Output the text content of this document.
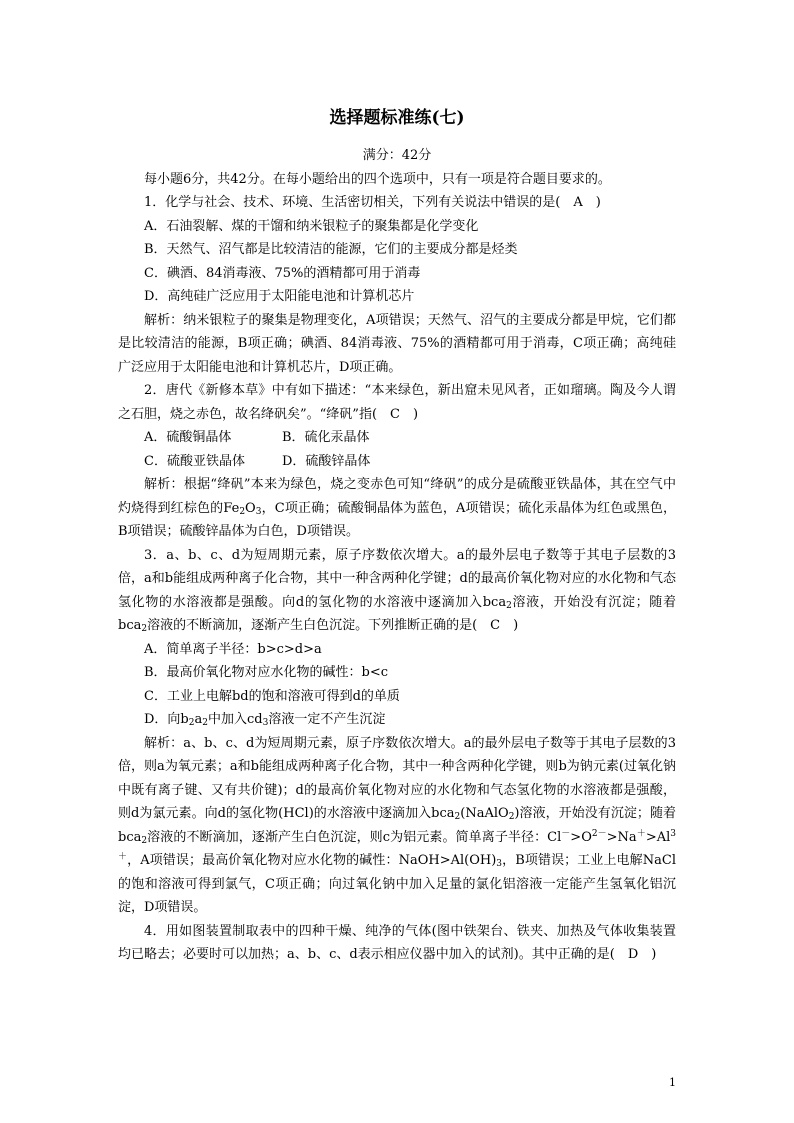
选择题标准练(七)

满分：42分

每小题6分，共42分。在每小题给出的四个选项中，只有一项是符合题目要求的。

1．化学与社会、技术、环境、生活密切相关，下列有关说法中错误的是(　A　)

A．石油裂解、煤的干馏和纳米银粒子的聚集都是化学变化

B．天然气、沼气都是比较清洁的能源，它们的主要成分都是烃类

C．碘酒、84消毒液、75%的酒精都可用于消毒

D．高纯硅广泛应用于太阳能电池和计算机芯片

解析：纳米银粒子的聚集是物理变化，A项错误；天然气、沼气的主要成分都是甲烷，它们都是比较清洁的能源，B项正确；碘酒、84消毒液、75%的酒精都可用于消毒，C项正确；高纯硅广泛应用于太阳能电池和计算机芯片，D项正确。

2．唐代《新修本草》中有如下描述：“本来绿色，新出窟未见风者，正如瑠璃。陶及今人谓之石胆，烧之赤色，故名绛矾矣”。“绛矾”指(　C　)

A．硫酸铜晶体	B．硫化汞晶体
C．硫酸亚铁晶体	D．硫酸锌晶体

解析：根据“绛矾”本来为绿色，烧之变赤色可知“绛矾”的成分是硫酸亚铁晶体，其在空气中灼烧得到红棕色的$Fe_2O_3$，C项正确；硫酸铜晶体为蓝色，A项错误；硫化汞晶体为红色或黑色，B项错误；硫酸锌晶体为白色，D项错误。

3．a、b、c、d为短周期元素，原子序数依次增大。a的最外层电子数等于其电子层数的3倍，a和b能组成两种离子化合物，其中一种含两种化学键；d的最高价氧化物对应的水化物和气态氢化物的水溶液都是强酸。向d的氢化物的水溶液中逐滴加入bca$_2$溶液，开始没有沉淀；随着bca$_2$溶液的不断滴加，逐渐产生白色沉淀。下列推断正确的是(　C　)

A．简单离子半径：b>c>d>a

B．最高价氧化物对应水化物的碱性：b<c

C．工业上电解bd的饱和溶液可得到d的单质

D．向$b_2a_2$中加入$cd_3$溶液一定不产生沉淀

解析：a、b、c、d为短周期元素，原子序数依次增大。a的最外层电子数等于其电子层数的3倍，则a为氧元素；a和b能组成两种离子化合物，其中一种含两种化学键，则b为钠元素(过氧化钠中既有离子键、又有共价键)；d的最高价氧化物对应的水化物和气态氢化物的水溶液都是强酸，则d为氯元素。向d的氢化物(HCl)的水溶液中逐滴加入bca$_2$(NaAlO$_2$)溶液，开始没有沉淀；随着bca$_2$溶液的不断滴加，逐渐产生白色沉淀，则c为铝元素。简单离子半径：$Cl^->O^{2-}>Na^+>Al^{3+}$，A项错误；最高价氧化物对应水化物的碱性：$NaOH>Al(OH)_3$，B项错误；工业上电解NaCl的饱和溶液可得到氯气，C项正确；向过氧化钠中加入足量的氯化铝溶液一定能产生氢氧化铝沉淀，D项错误。

4．用如图装置制取表中的四种干燥、纯净的气体(图中铁架台、铁夹、加热及气体收集装置均已略去；必要时可以加热；a、b、c、d表示相应仪器中加入的试剂)。其中正确的是(　D　)

1
